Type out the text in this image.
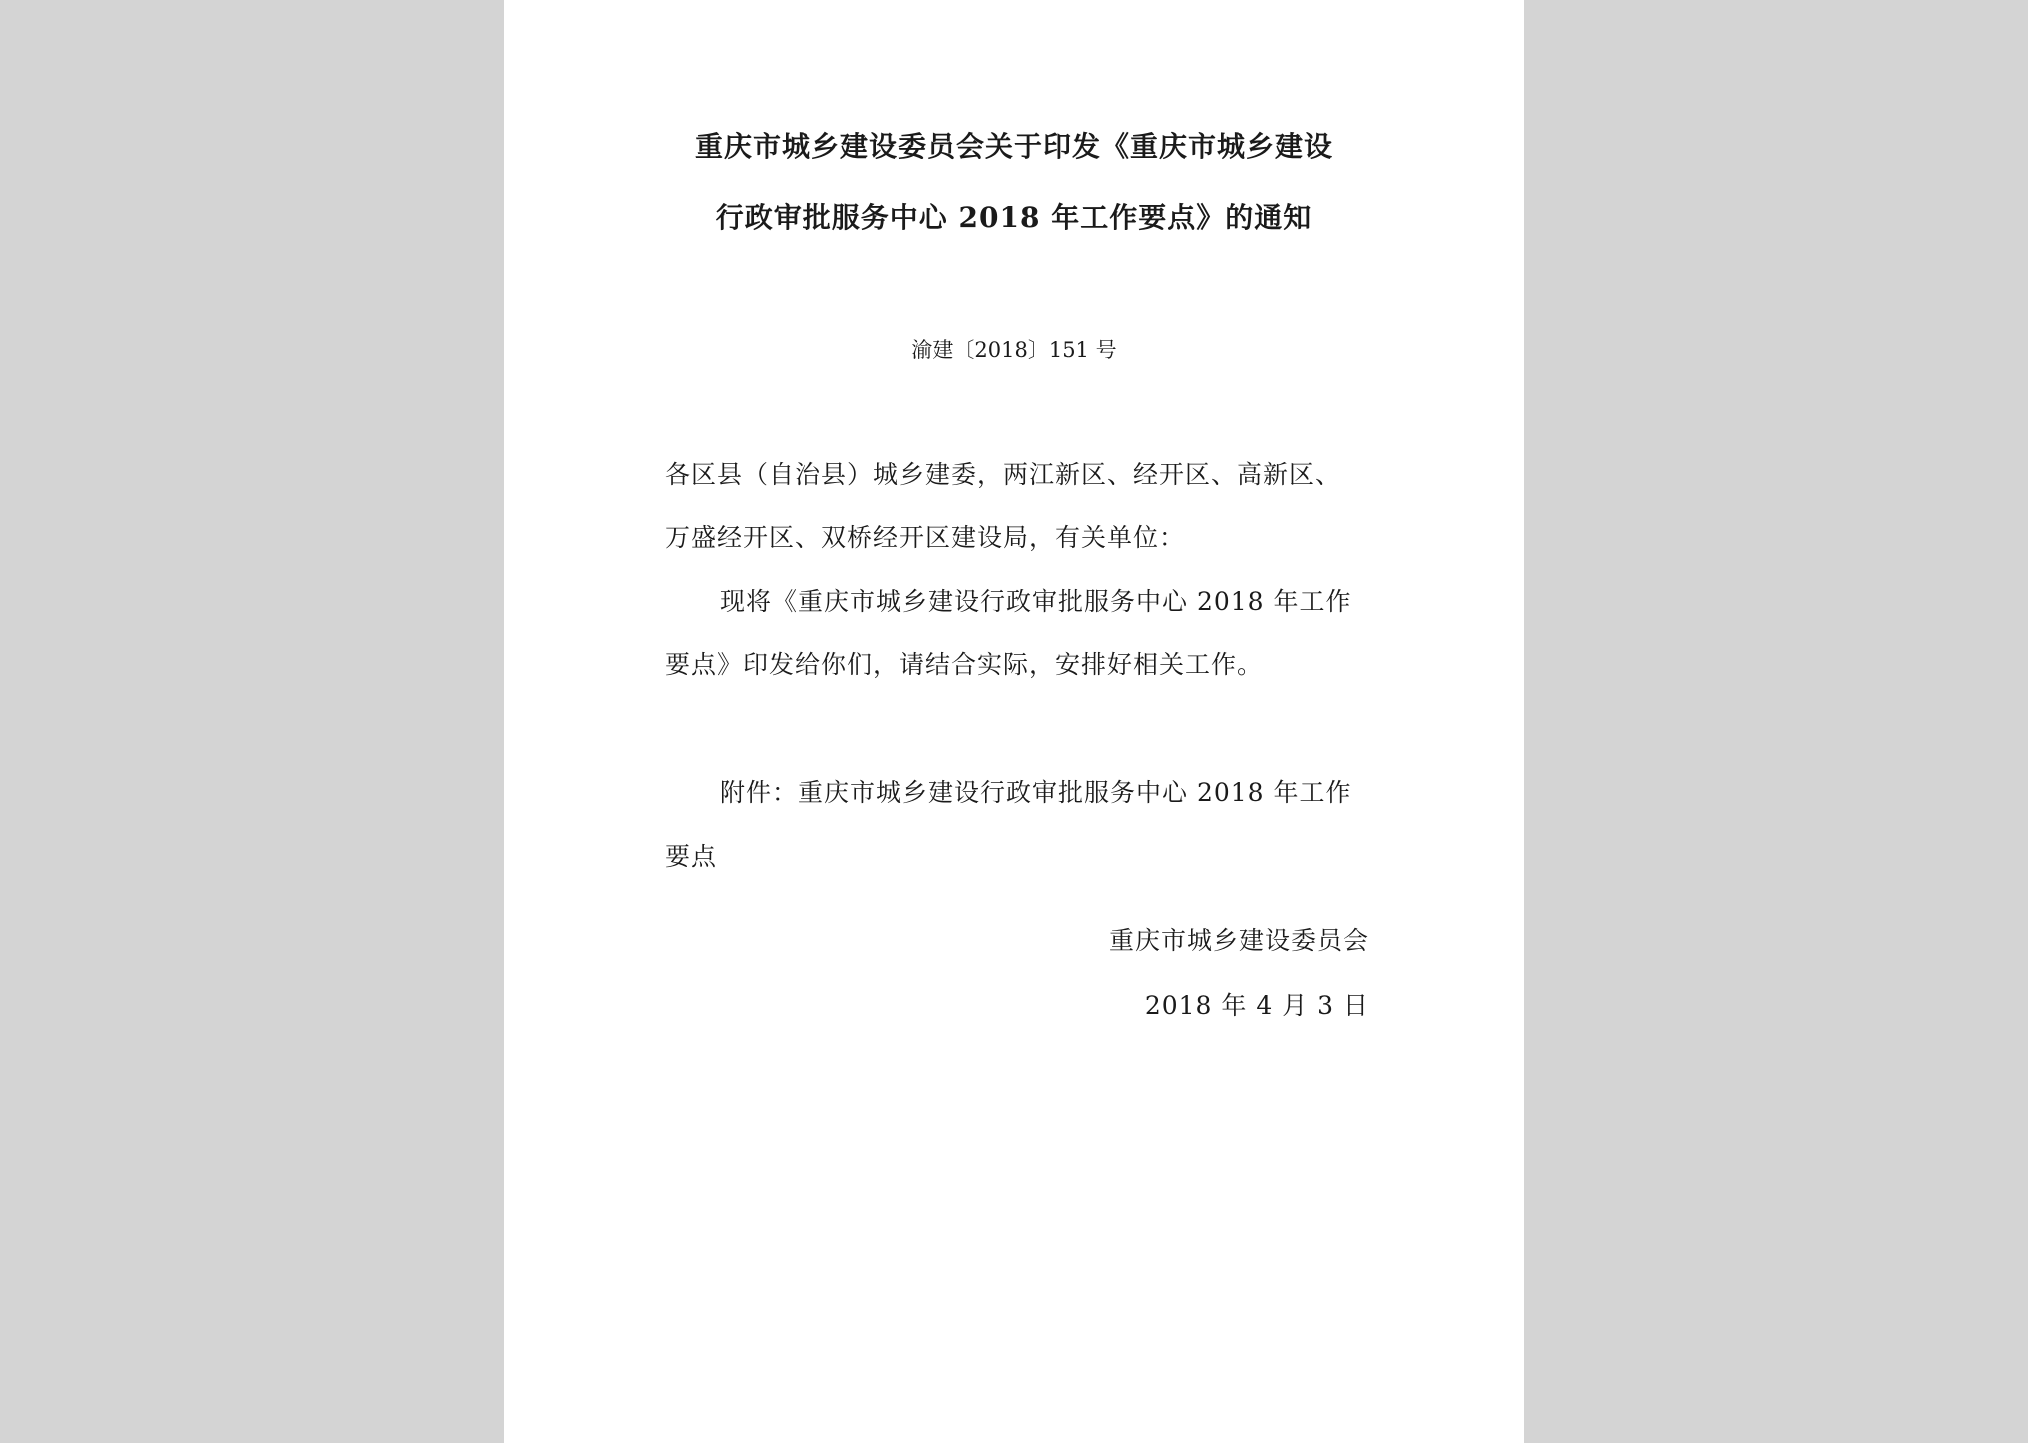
重庆市城乡建设委员会关于印发《重庆市城乡建设
行政审批服务中心 2018 年工作要点》的通知
渝建〔2018〕151 号
各区县（自治县）城乡建委，两江新区、经开区、高新区、
万盛经开区、双桥经开区建设局，有关单位：
现将《重庆市城乡建设行政审批服务中心 2018 年工作
要点》印发给你们，请结合实际，安排好相关工作。
附件：重庆市城乡建设行政审批服务中心 2018 年工作
要点
重庆市城乡建设委员会
2018 年 4 月 3 日
